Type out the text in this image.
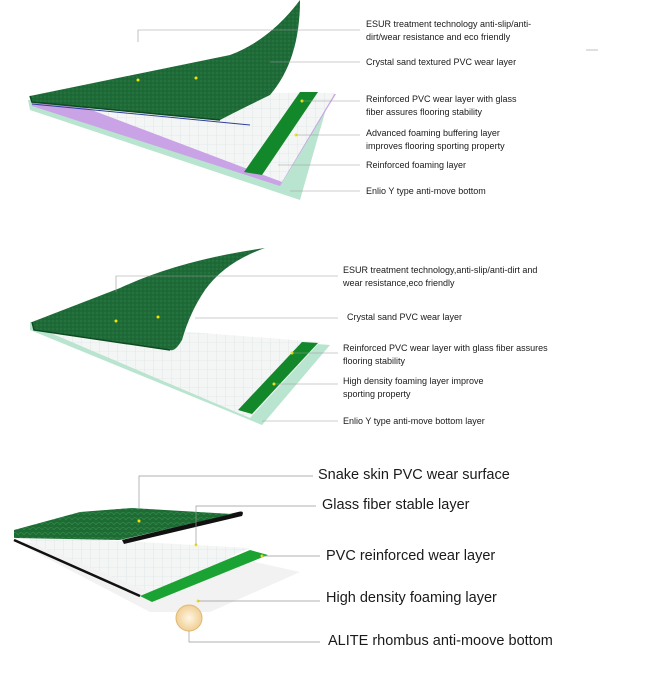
ESUR treatment technology anti-slip/anti-
dirt/wear resistance and eco friendly
Crystal sand textured PVC wear layer
Reinforced PVC wear layer with glass
fiber assures flooring stability
Advanced foaming buffering layer
improves flooring sporting property
Reinforced foaming layer
Enlio Y type anti-move bottom
ESUR treatment technology,anti-slip/anti-dirt and
wear resistance,eco friendly
Crystal sand PVC wear layer
Reinforced PVC wear layer with glass fiber assures
flooring stability
High density foaming layer improve
sporting property
Enlio Y type anti-move bottom layer
Snake skin PVC wear surface
Glass fiber stable layer
PVC reinforced wear layer
High density foaming layer
ALITE rhombus anti-moove bottom
